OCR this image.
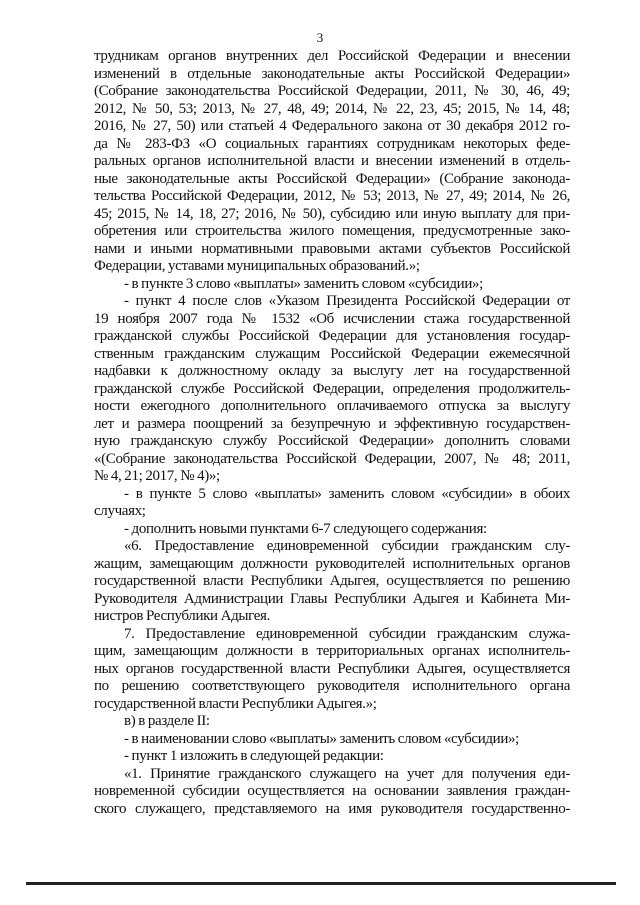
3
трудникам органов внутренних дел Российской Федерации и внесении
изменений в отдельные законодательные акты Российской Федерации»
(Собрание законодательства Российской Федерации, 2011, № 30, 46, 49;
2012, № 50, 53; 2013, № 27, 48, 49; 2014, № 22, 23, 45; 2015, № 14, 48;
2016, № 27, 50) или статьей 4 Федерального закона от 30 декабря 2012 го-
да № 283-ФЗ «О социальных гарантиях сотрудникам некоторых феде-
ральных органов исполнительной власти и внесении изменений в отдель-
ные законодательные акты Российской Федерации» (Собрание законода-
тельства Российской Федерации, 2012, № 53; 2013, № 27, 49; 2014, № 26,
45; 2015, № 14, 18, 27; 2016, № 50), субсидию или иную выплату для при-
обретения или строительства жилого помещения, предусмотренные зако-
нами и иными нормативными правовыми актами субъектов Российской
Федерации, уставами муниципальных образований.»;
- в пункте 3 слово «выплаты» заменить словом «субсидии»;
- пункт 4 после слов «Указом Президента Российской Федерации от
19 ноября 2007 года № 1532 «Об исчислении стажа государственной
гражданской службы Российской Федерации для установления государ-
ственным гражданским служащим Российской Федерации ежемесячной
надбавки к должностному окладу за выслугу лет на государственной
гражданской службе Российской Федерации, определения продолжитель-
ности ежегодного дополнительного оплачиваемого отпуска за выслугу
лет и размера поощрений за безупречную и эффективную государствен-
ную гражданскую службу Российской Федерации» дополнить словами
«(Собрание законодательства Российской Федерации, 2007, № 48; 2011,
№ 4, 21; 2017, № 4)»;
- в пункте 5 слово «выплаты» заменить словом «субсидии» в обоих
случаях;
- дополнить новыми пунктами 6-7 следующего содержания:
«6. Предоставление единовременной субсидии гражданским слу-
жащим, замещающим должности руководителей исполнительных органов
государственной власти Республики Адыгея, осуществляется по решению
Руководителя Администрации Главы Республики Адыгея и Кабинета Ми-
нистров Республики Адыгея.
7. Предоставление единовременной субсидии гражданским служа-
щим, замещающим должности в территориальных органах исполнитель-
ных органов государственной власти Республики Адыгея, осуществляется
по решению соответствующего руководителя исполнительного органа
государственной власти Республики Адыгея.»;
в) в разделе II:
- в наименовании слово «выплаты» заменить словом «субсидии»;
- пункт 1 изложить в следующей редакции:
«1. Принятие гражданского служащего на учет для получения еди-
новременной субсидии осуществляется на основании заявления граждан-
ского служащего, представляемого на имя руководителя государственно-
